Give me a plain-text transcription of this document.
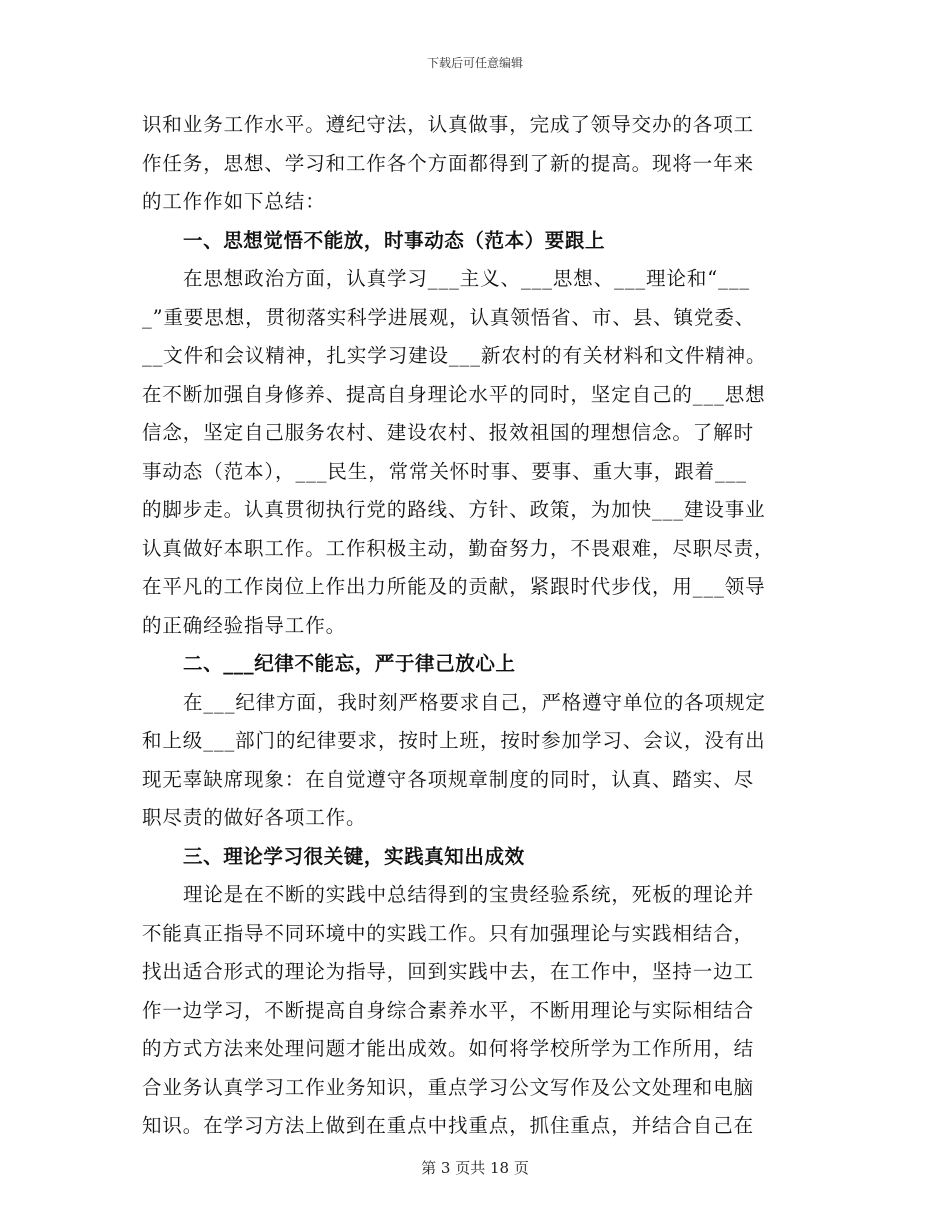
下载后可任意编辑
识和业务工作水平。遵纪守法，认真做事，完成了领导交办的各项工
作任务，思想、学习和工作各个方面都得到了新的提高。现将一年来
的工作作如下总结：
一、思想觉悟不能放，时事动态（范本）要跟上
在思想政治方面，认真学习___主义、___思想、___理论和“___
_”重要思想，贯彻落实科学进展观，认真领悟省、市、县、镇党委、
__文件和会议精神，扎实学习建设___新农村的有关材料和文件精神。
在不断加强自身修养、提高自身理论水平的同时，坚定自己的___思想
信念，坚定自己服务农村、建设农村、报效祖国的理想信念。了解时
事动态（范本），___民生，常常关怀时事、要事、重大事，跟着___
的脚步走。认真贯彻执行党的路线、方针、政策，为加快___建设事业
认真做好本职工作。工作积极主动，勤奋努力，不畏艰难，尽职尽责，
在平凡的工作岗位上作出力所能及的贡献，紧跟时代步伐，用___领导
的正确经验指导工作。
二、___纪律不能忘，严于律己放心上
在___纪律方面，我时刻严格要求自己，严格遵守单位的各项规定
和上级___部门的纪律要求，按时上班，按时参加学习、会议，没有出
现无辜缺席现象：在自觉遵守各项规章制度的同时，认真、踏实、尽
职尽责的做好各项工作。
三、理论学习很关键，实践真知出成效
理论是在不断的实践中总结得到的宝贵经验系统，死板的理论并
不能真正指导不同环境中的实践工作。只有加强理论与实践相结合，
找出适合形式的理论为指导，回到实践中去，在工作中，坚持一边工
作一边学习，不断提高自身综合素养水平，不断用理论与实际相结合
的方式方法来处理问题才能出成效。如何将学校所学为工作所用，结
合业务认真学习工作业务知识，重点学习公文写作及公文处理和电脑
知识。在学习方法上做到在重点中找重点，抓住重点，并结合自己在
第 3 页共 18 页
